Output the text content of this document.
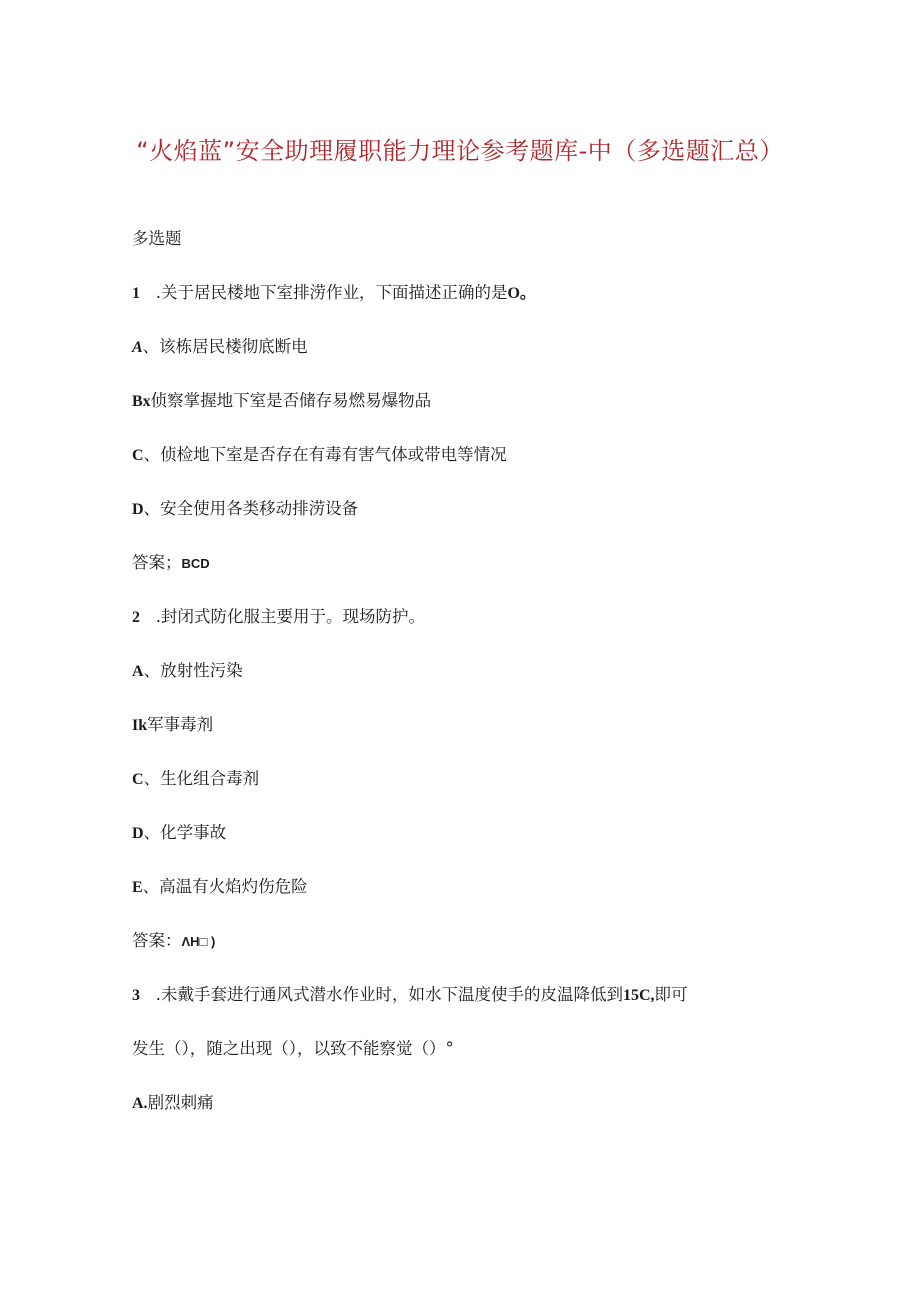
“火焰蓝”安全助理履职能力理论参考题库-中（多选题汇总）
多选题
1   .关于居民楼地下室排涝作业，下面描述正确的是O。
A、该栋居民楼彻底断电
Bx侦察掌握地下室是否储存易燃易爆物品
C、侦检地下室是否存在有毒有害气体或带电等情况
D、安全使用各类移动排涝设备
答案；BCD
2   .封闭式防化服主要用于。现场防护。
A、放射性污染
Ik军事毒剂
C、生化组合毒剂
D、化学事故
E、高温有火焰灼伤危险
答案：ΛH□ )
3   .未戴手套进行通风式潜水作业时，如水下温度使手的皮温降低到15C,即可
发生（），随之出现（），以致不能察觉（）°
A.剧烈刺痛
